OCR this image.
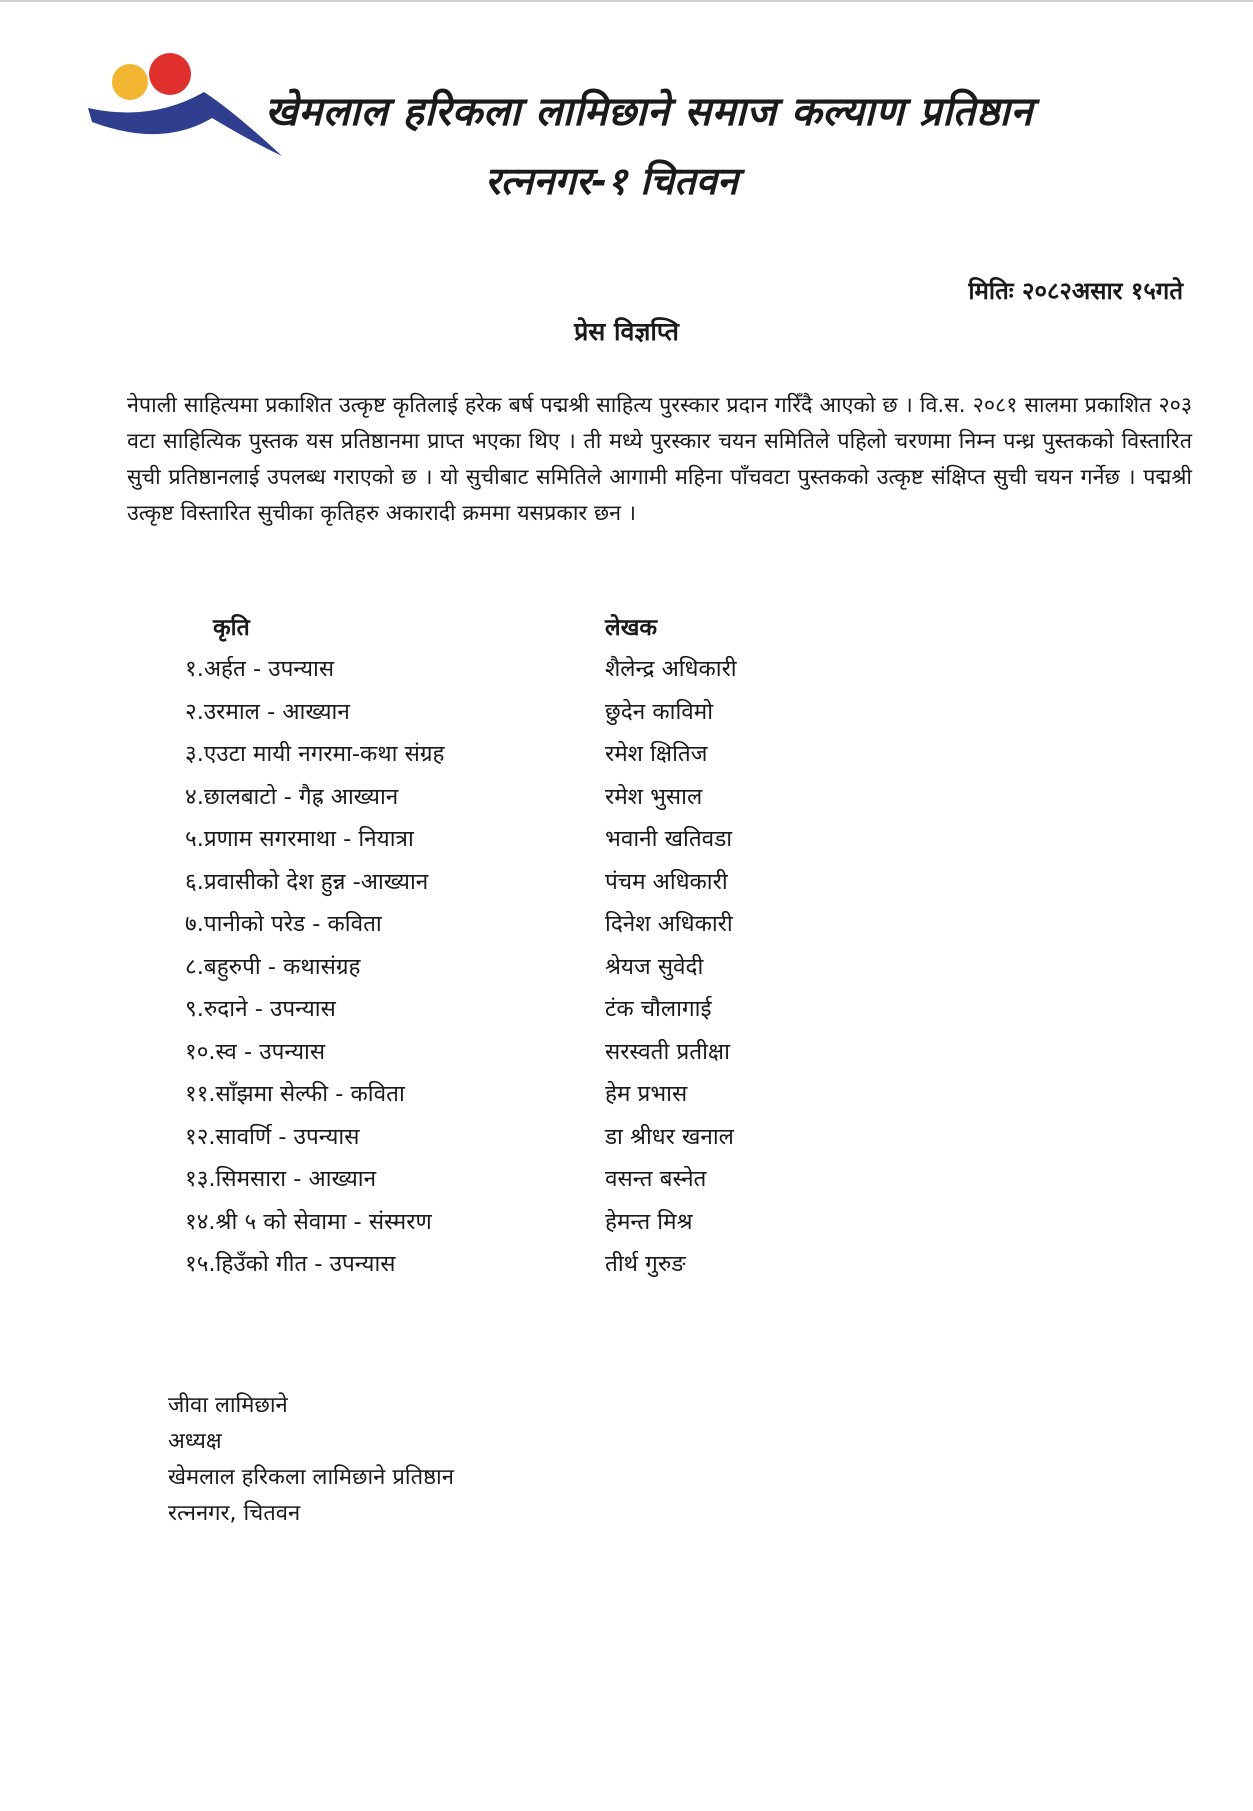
खेमलाल हरिकला लामिछाने समाज कल्याण प्रतिष्ठान
रत्ननगर-१ चितवन
मितिः २०८२असार १५गते
प्रेस विज्ञप्ति

नेपाली साहित्यमा प्रकाशित उत्कृष्ट कृतिलाई हरेक बर्ष पद्मश्री साहित्य पुरस्कार प्रदान गरिँदै आएको छ । वि.स. २०८१ सालमा प्रकाशित २०३ वटा साहित्यिक पुस्तक यस प्रतिष्ठानमा प्राप्त भएका थिए । ती मध्ये पुरस्कार चयन समितिले पहिलो चरणमा निम्न पन्ध्र पुस्तकको विस्तारित सुची प्रतिष्ठानलाई उपलब्ध गराएको छ । यो सुचीबाट समितिले आगामी महिना पाँचवटा पुस्तकको उत्कृष्ट संक्षिप्त सुची चयन गर्नेछ । पद्मश्री उत्कृष्ट विस्तारित सुचीका कृतिहरु अकारादी क्रममा यसप्रकार छन ।

कृति	लेखक
१.अर्हत - उपन्यास	शैलेन्द्र अधिकारी
२.उरमाल - आख्यान	छुदेन काविमो
३.एउटा मायी नगरमा-कथा संग्रह	रमेश क्षितिज
४.छालबाटो - गैह्र आख्यान	रमेश भुसाल
५.प्रणाम सगरमाथा - नियात्रा	भवानी खतिवडा
६.प्रवासीको देश हुन्न -आख्यान	पंचम अधिकारी
७.पानीको परेड - कविता	दिनेश अधिकारी
८.बहुरुपी - कथासंग्रह	श्रेयज सुवेदी
९.रुदाने - उपन्यास	टंक चौलागाई
१०.स्व - उपन्यास	सरस्वती प्रतीक्षा
११.साँझमा सेल्फी - कविता	हेम प्रभास
१२.सावर्णि - उपन्यास	डा श्रीधर खनाल
१३.सिमसारा - आख्यान	वसन्त बस्नेत
१४.श्री ५ को सेवामा - संस्मरण	हेमन्त मिश्र
१५.हिउँको गीत - उपन्यास	तीर्थ गुरुङ
जीवा लामिछाने
अध्यक्ष
खेमलाल हरिकला लामिछाने प्रतिष्ठान
रत्ननगर, चितवन
